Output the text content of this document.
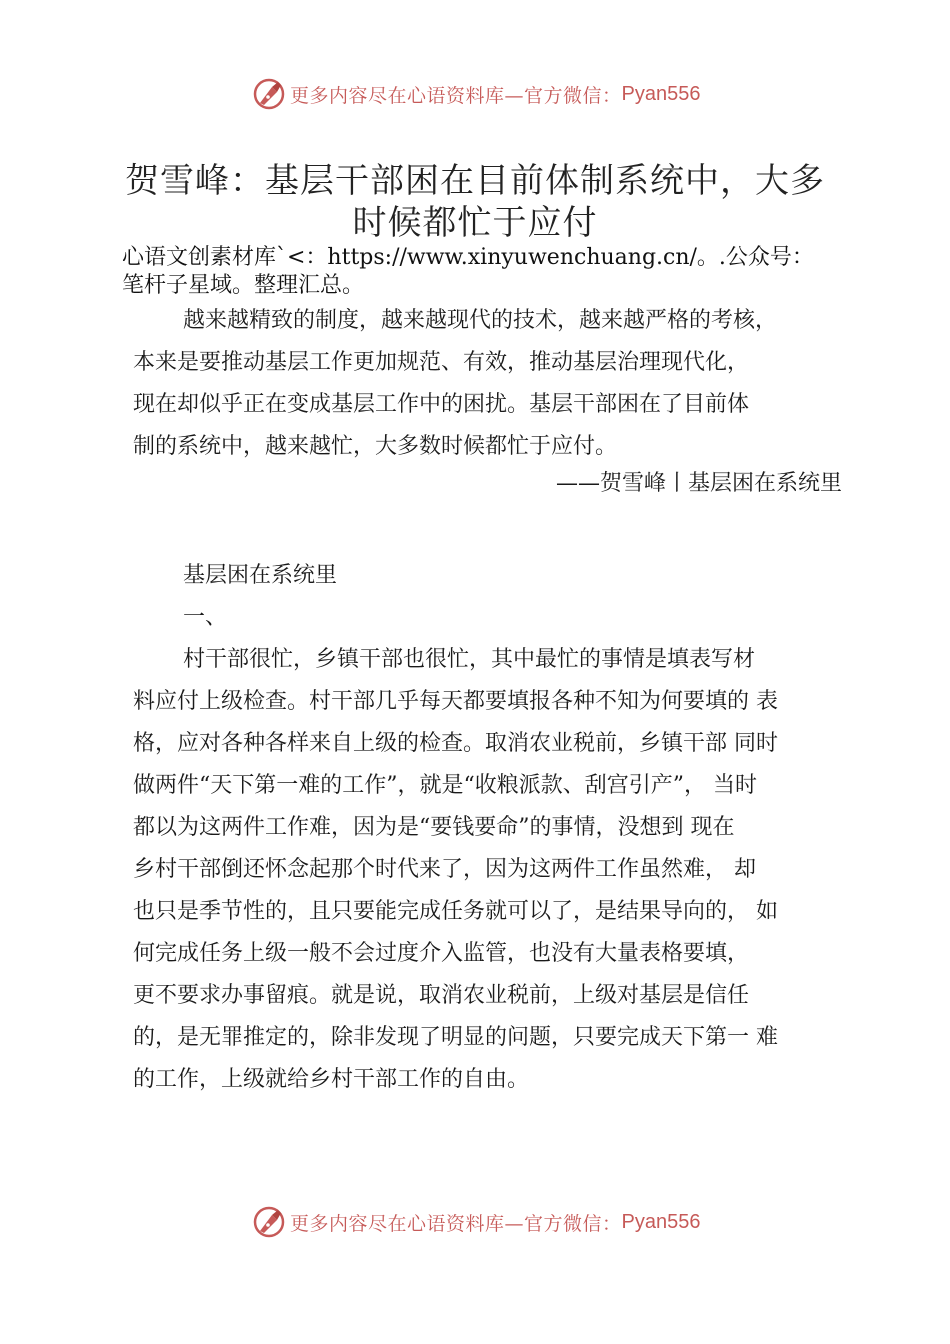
更多内容尽在心语资料库—官方微信： Pyan556
贺雪峰：基层干部困在目前体制系统中，大多
时候都忙于应付
心语文创素材库`<：https://www.xinyuwenchuang.cn/。.公众号：
笔杆子星域。整理汇总。
越来越精致的制度，越来越现代的技术，越来越严格的考核，
本来是要推动基层工作更加规范、有效，推动基层治理现代化，
现在却似乎正在变成基层工作中的困扰。基层干部困在了目前体
制的系统中，越来越忙，大多数时候都忙于应付。
——贺雪峰丨基层困在系统里
基层困在系统里
一、
村干部很忙，乡镇干部也很忙，其中最忙的事情是填表写材
料应付上级检查。村干部几乎每天都要填报各种不知为何要填的 表
格，应对各种各样来自上级的检查。取消农业税前，乡镇干部 同时
做两件“天下第一难的工作”，就是“收粮派款、刮宫引产”， 当时
都以为这两件工作难，因为是“要钱要命”的事情，没想到 现在
乡村干部倒还怀念起那个时代来了，因为这两件工作虽然难， 却
也只是季节性的，且只要能完成任务就可以了，是结果导向的， 如
何完成任务上级一般不会过度介入监管，也没有大量表格要填，
更不要求办事留痕。就是说，取消农业税前，上级对基层是信任
的，是无罪推定的，除非发现了明显的问题，只要完成天下第一 难
的工作，上级就给乡村干部工作的自由。
更多内容尽在心语资料库—官方微信： Pyan556
